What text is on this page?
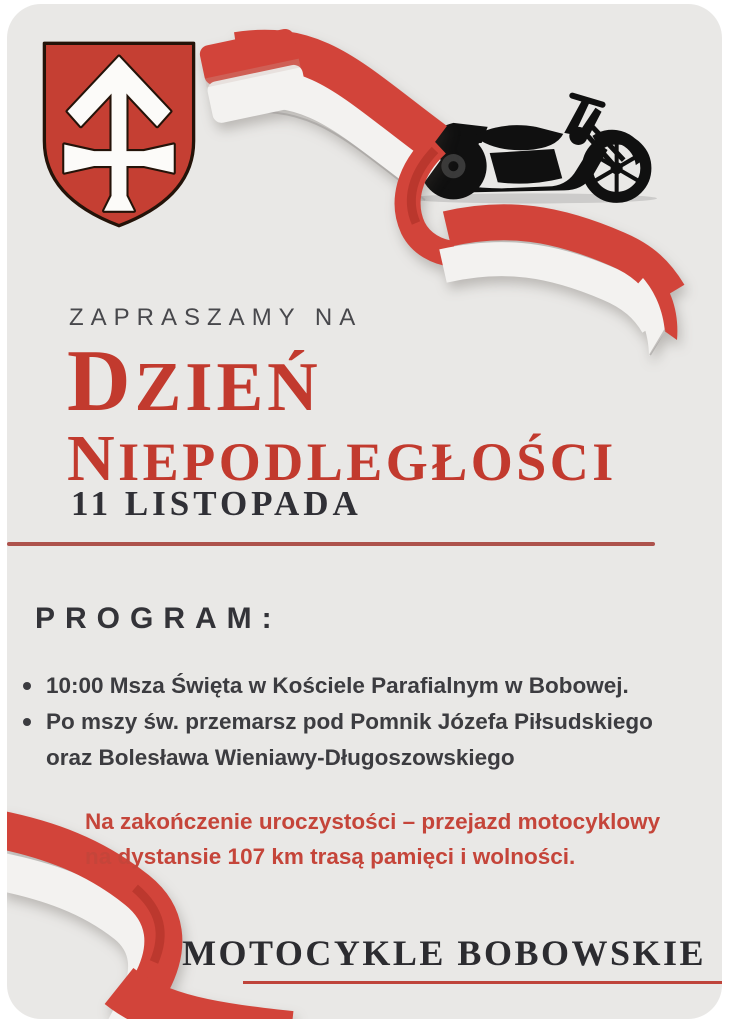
ZAPRASZAMY NA
DZIEŃ
NIEPODLEGŁOŚCI
11 LISTOPADA
PROGRAM:
10:00 Msza Święta w Kościele Parafialnym w Bobowej.
Po mszy św. przemarsz pod Pomnik Józefa Piłsudskiego oraz Bolesława Wieniawy-Długoszowskiego
Na zakończenie uroczystości – przejazd motocyklowy na dystansie 107 km trasą pamięci i wolności.
MOTOCYKLE BOBOWSKIE
